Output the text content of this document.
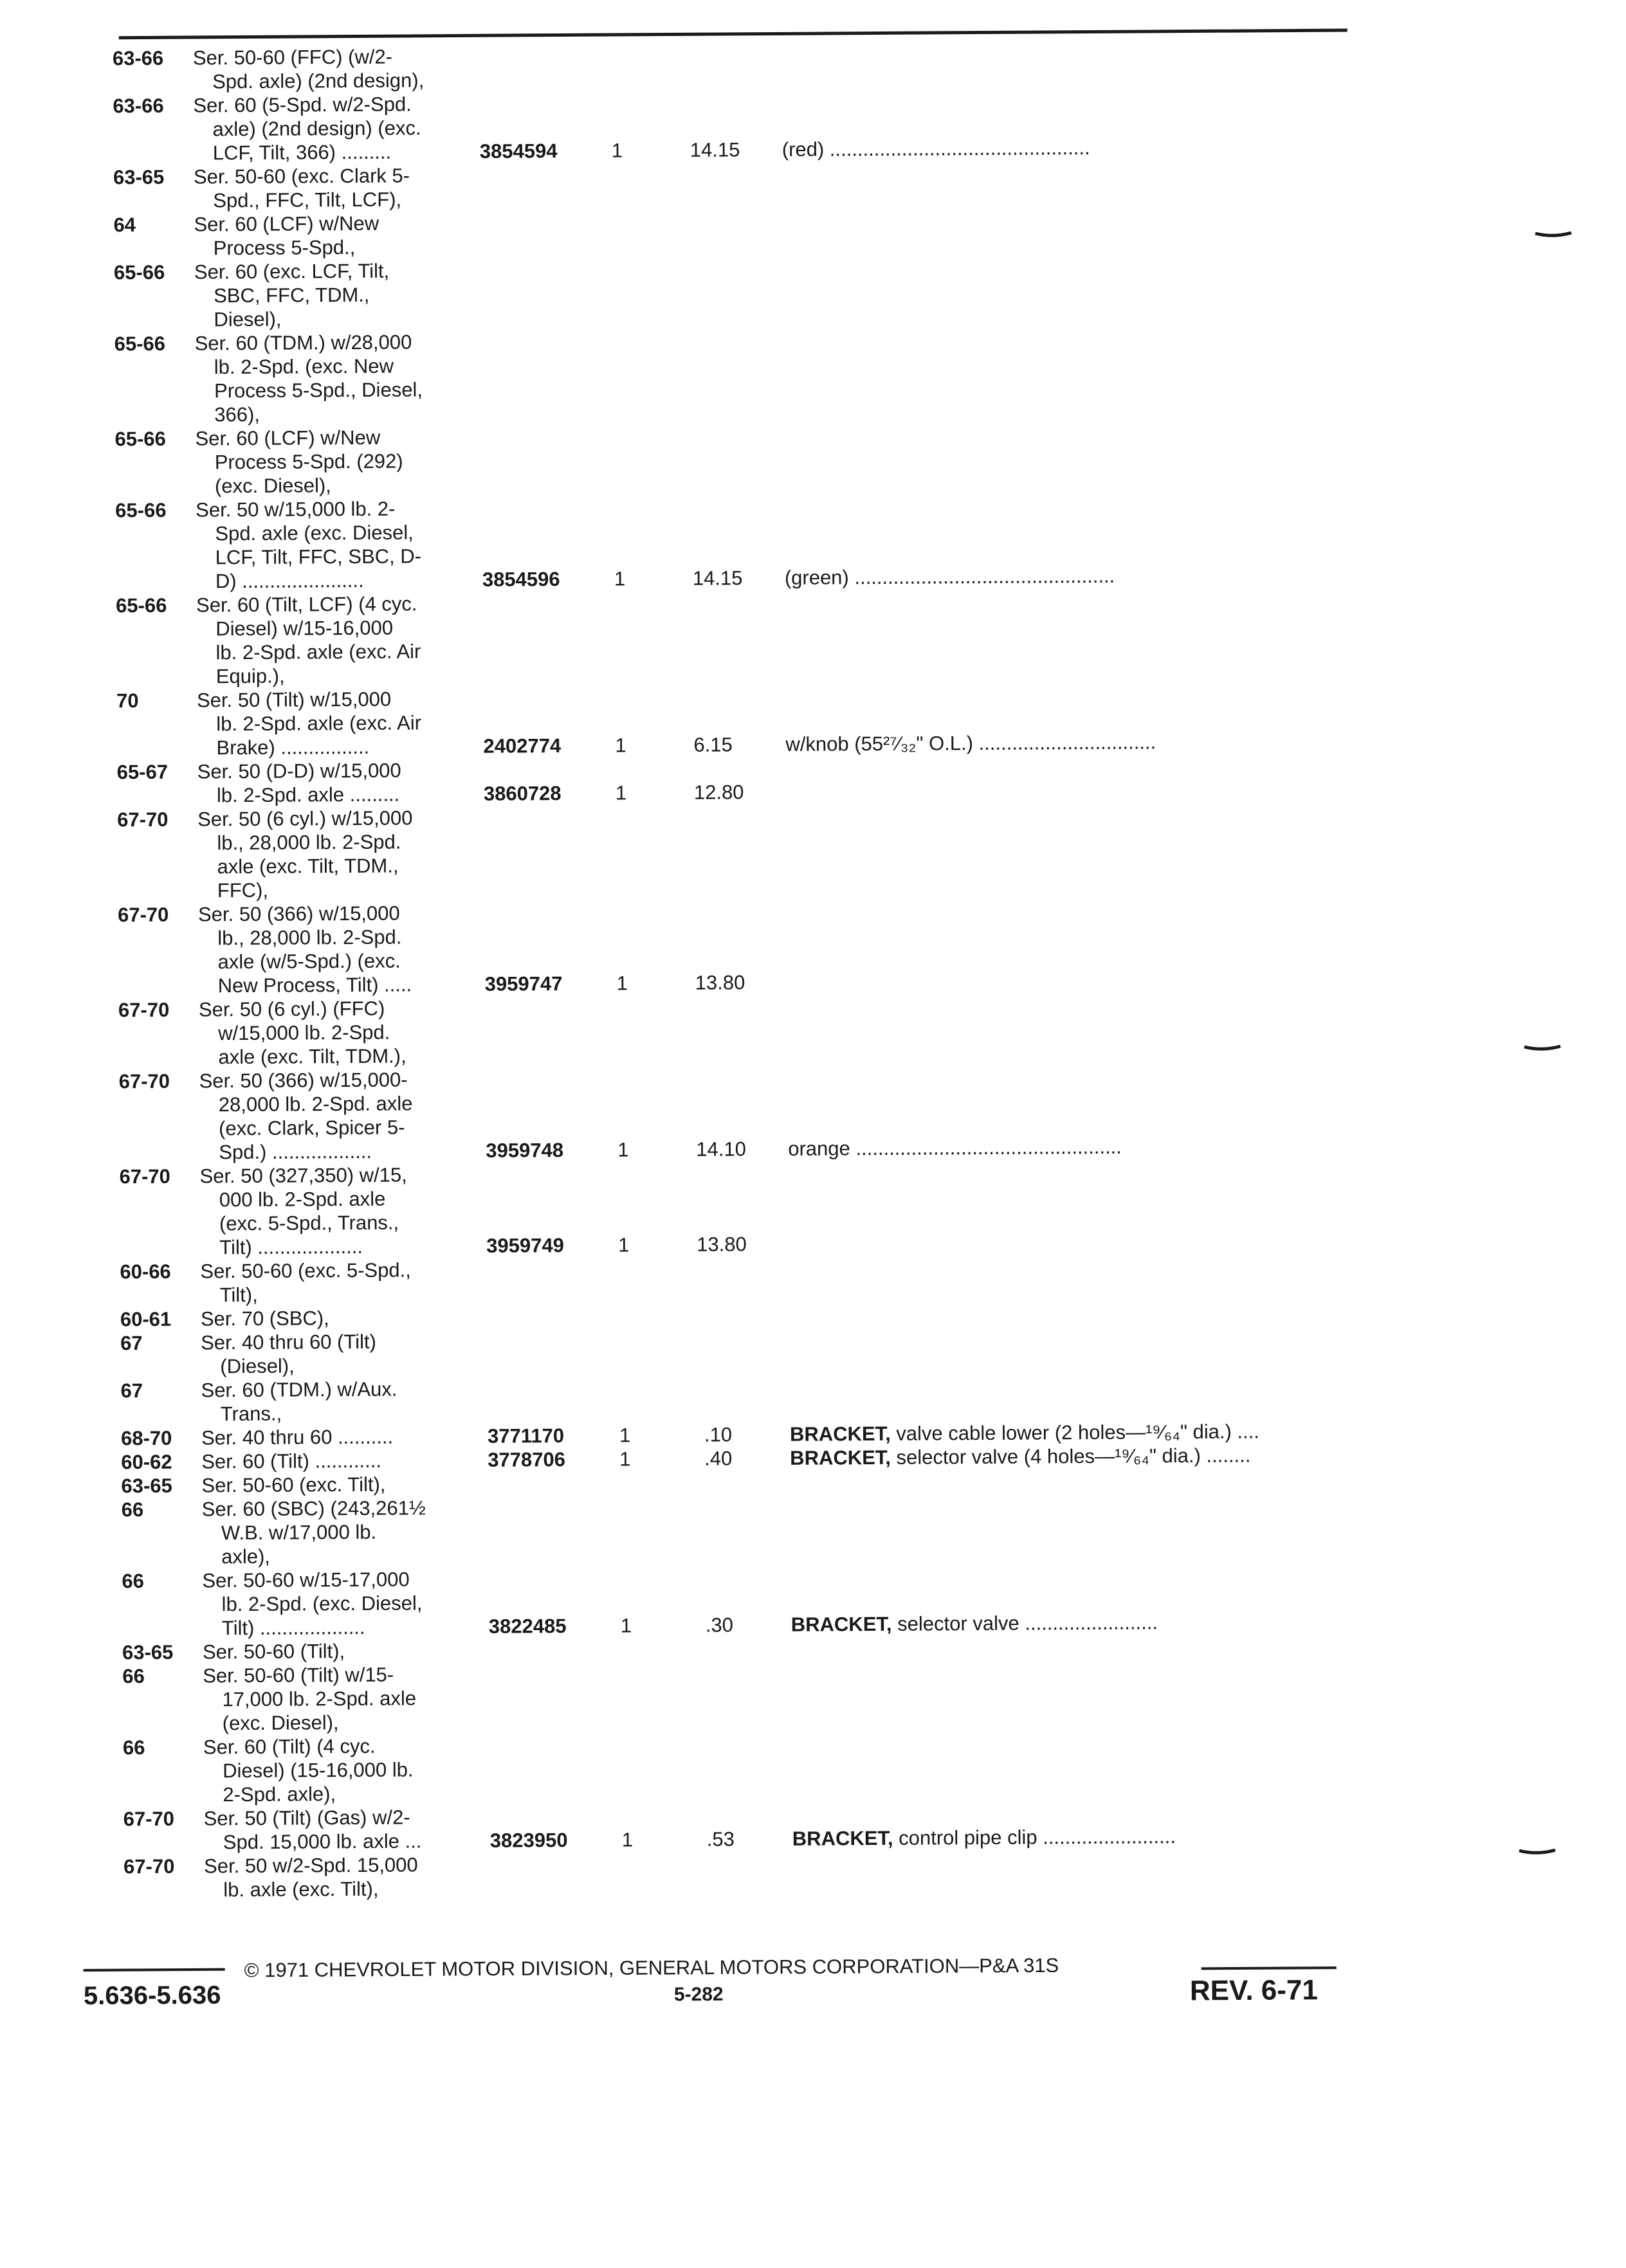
63-66 Ser. 50-60 (FFC) (w/2-
Spd. axle) (2nd design),
63-66 Ser. 60 (5-Spd. w/2-Spd.
axle) (2nd design) (exc.
LCF, Tilt, 366) .........	3854594	1	14.15 (red) ...............................................
63-65 Ser. 50-60 (exc. Clark 5-
Spd., FFC, Tilt, LCF),
64	Ser. 60 (LCF) w/New
Process 5-Spd.,
65-66 Ser. 60 (exc. LCF, Tilt,
SBC, FFC, TDM.,
Diesel),
65-66 Ser. 60 (TDM.) w/28,000
lb. 2-Spd. (exc. New
Process 5-Spd., Diesel,
366),
65-66 Ser. 60 (LCF) w/New
Process 5-Spd. (292)
(exc. Diesel),
65-66 Ser. 50 w/15,000 lb. 2-
Spd. axle (exc. Diesel,
LCF, Tilt, FFC, SBC, D-
D) ......................	3854596	1	14.15 (green) ...............................................
65-66 Ser. 60 (Tilt, LCF) (4 cyc.
Diesel) w/15-16,000
lb. 2-Spd. axle (exc. Air
Equip.),
70	Ser. 50 (Tilt) w/15,000
lb. 2-Spd. axle (exc. Air
Brake) ................	2402774	1	6.15	w/knob (55²⁷⁄₃₂" O.L.) ................................
65-67 Ser. 50 (D-D) w/15,000
lb. 2-Spd. axle .........	3860728	1	12.80
67-70 Ser. 50 (6 cyl.) w/15,000
lb., 28,000 lb. 2-Spd.
axle (exc. Tilt, TDM.,
FFC),
67-70 Ser. 50 (366) w/15,000
lb., 28,000 lb. 2-Spd.
axle (w/5-Spd.) (exc.
New Process, Tilt) .....	3959747	1	13.80
67-70 Ser. 50 (6 cyl.) (FFC)
w/15,000 lb. 2-Spd.
axle (exc. Tilt, TDM.),
67-70 Ser. 50 (366) w/15,000-
28,000 lb. 2-Spd. axle
(exc. Clark, Spicer 5-
Spd.) ..................	3959748	1	14.10 orange ................................................
67-70 Ser. 50 (327,350) w/15,
000 lb. 2-Spd. axle
(exc. 5-Spd., Trans.,
Tilt) ...................	3959749	1	13.80
60-66 Ser. 50-60 (exc. 5-Spd.,
Tilt),
60-61 Ser. 70 (SBC),
67	Ser. 40 thru 60 (Tilt)
(Diesel),
67	Ser. 60 (TDM.) w/Aux.
Trans.,
68-70 Ser. 40 thru 60 ..........	3771170	1	.10	BRACKET, valve cable lower (2 holes—¹⁹⁄₆₄" dia.) ....
60-62 Ser. 60 (Tilt) ............	3778706	1	.40	BRACKET, selector valve (4 holes—¹⁹⁄₆₄" dia.) ........
63-65 Ser. 50-60 (exc. Tilt),
66	Ser. 60 (SBC) (243,261½
W.B. w/17,000 lb.
axle),
66	Ser. 50-60 w/15-17,000
lb. 2-Spd. (exc. Diesel,
Tilt) ...................	3822485	1	.30	BRACKET, selector valve ........................
63-65 Ser. 50-60 (Tilt),
66	Ser. 50-60 (Tilt) w/15-
17,000 lb. 2-Spd. axle
(exc. Diesel),
66	Ser. 60 (Tilt) (4 cyc.
Diesel) (15-16,000 lb.
2-Spd. axle),
67-70 Ser. 50 (Tilt) (Gas) w/2-
Spd. 15,000 lb. axle ...	3823950	1	.53	BRACKET, control pipe clip ........................
67-70 Ser. 50 w/2-Spd. 15,000
lb. axle (exc. Tilt),
© 1971 CHEVROLET MOTOR DIVISION, GENERAL MOTORS CORPORATION—P&A 31S
5.636-5.636	5-282	REV. 6-71
